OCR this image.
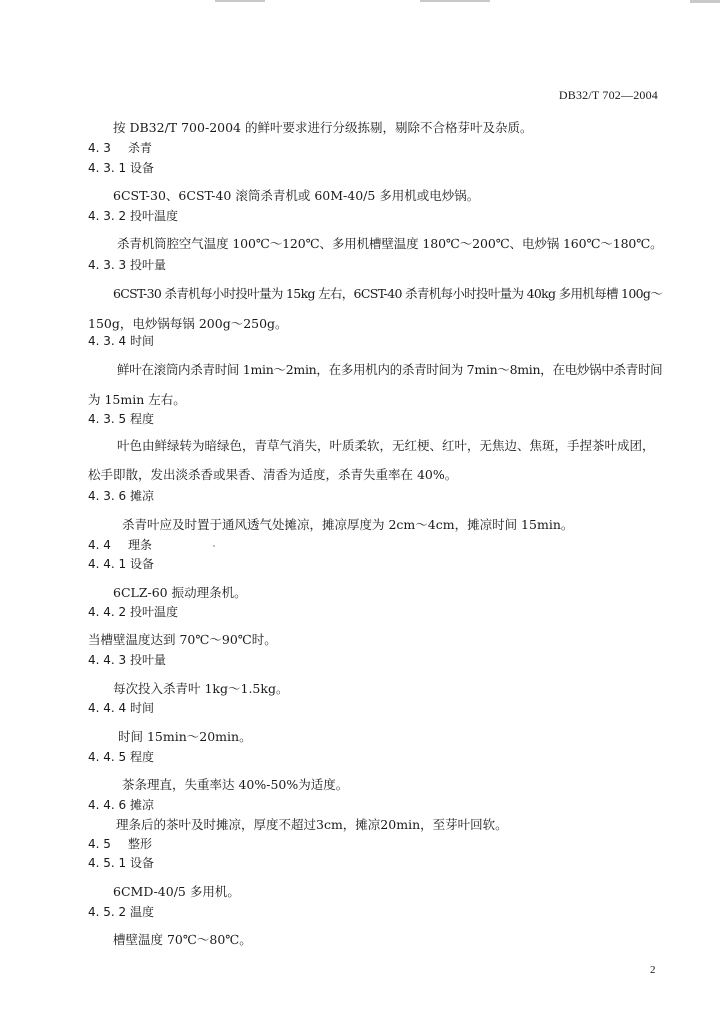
DB32/T 702—2004
按 DB32/T 700-2004 的鲜叶要求进行分级拣剔，剔除不合格芽叶及杂质。
4. 3 杀青
4. 3. 1 设备
6CST-30、6CST-40 滚筒杀青机或 60M-40/5 多用机或电炒锅。
4. 3. 2 投叶温度
杀青机筒腔空气温度 100℃～120℃、多用机槽壁温度 180℃～200℃、电炒锅 160℃～180℃。
4. 3. 3 投叶量
6CST-30 杀青机每小时投叶量为 15kg 左右，6CST-40 杀青机每小时投叶量为 40kg 多用机每槽 100g～
150g，电炒锅每锅 200g～250g。
4. 3. 4 时间
鲜叶在滚筒内杀青时间 1min～2min，在多用机内的杀青时间为 7min～8min，在电炒锅中杀青时间
为 15min 左右。
4. 3. 5 程度
叶色由鲜绿转为暗绿色，青草气消失，叶质柔软，无红梗、红叶，无焦边、焦斑，手捏茶叶成团，
松手即散，发出淡杀香或果香、清香为适度，杀青失重率在 40%。
4. 3. 6 摊凉
杀青叶应及时置于通风透气处摊凉，摊凉厚度为 2cm～4cm，摊凉时间 15min。
4. 4 理条
4. 4. 1 设备
6CLZ-60 振动理条机。
4. 4. 2 投叶温度
当槽壁温度达到 70℃～90℃时。
4. 4. 3 投叶量
每次投入杀青叶 1kg～1.5kg。
4. 4. 4 时间
时间 15min～20min。
4. 4. 5 程度
茶条理直，失重率达 40%-50%为适度。
4. 4. 6 摊凉
理条后的茶叶及时摊凉，厚度不超过3cm，摊凉20min，至芽叶回软。
4. 5 整形
4. 5. 1 设备
6CMD-40/5 多用机。
4. 5. 2 温度
槽壁温度 70℃～80℃。
2
